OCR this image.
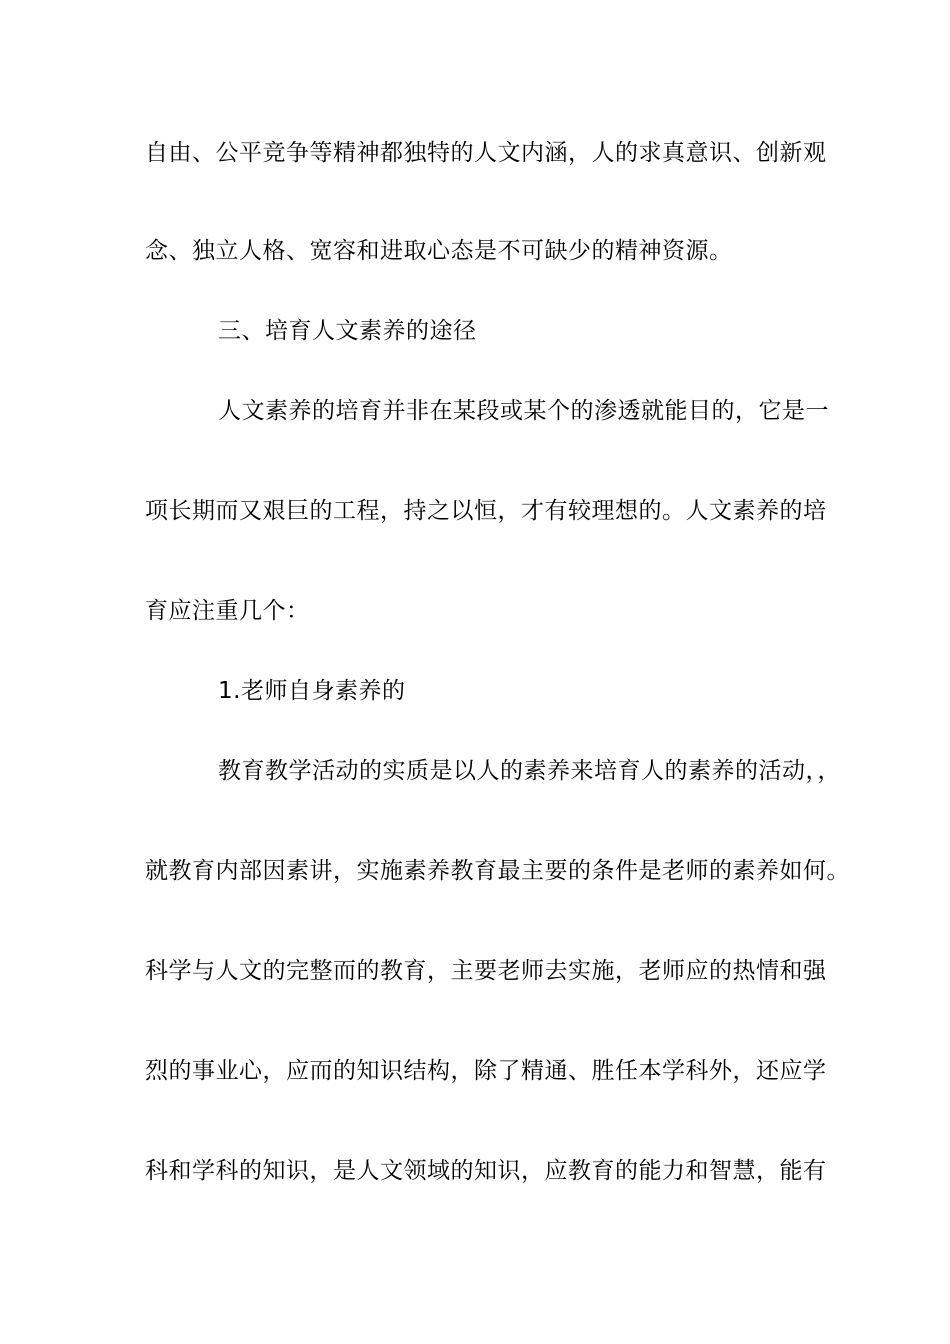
自由、公平竞争等精神都独特的人文内涵，人的求真意识、创新观
念、独立人格、宽容和进取心态是不可缺少的精神资源。
三、培育人文素养的途径
人文素养的培育并非在某段或某个的渗透就能目的，它是一
项长期而又艰巨的工程，持之以恒，才有较理想的。人文素养的培
育应注重几个：
1.老师自身素养的
教育教学活动的实质是以人的素养来培育人的素养的活动，，
就教育内部因素讲，实施素养教育最主要的条件是老师的素养如何。
科学与人文的完整而的教育，主要老师去实施，老师应的热情和强
烈的事业心，应而的知识结构，除了精通、胜任本学科外，还应学
科和学科的知识，是人文领域的知识，应教育的能力和智慧，能有
